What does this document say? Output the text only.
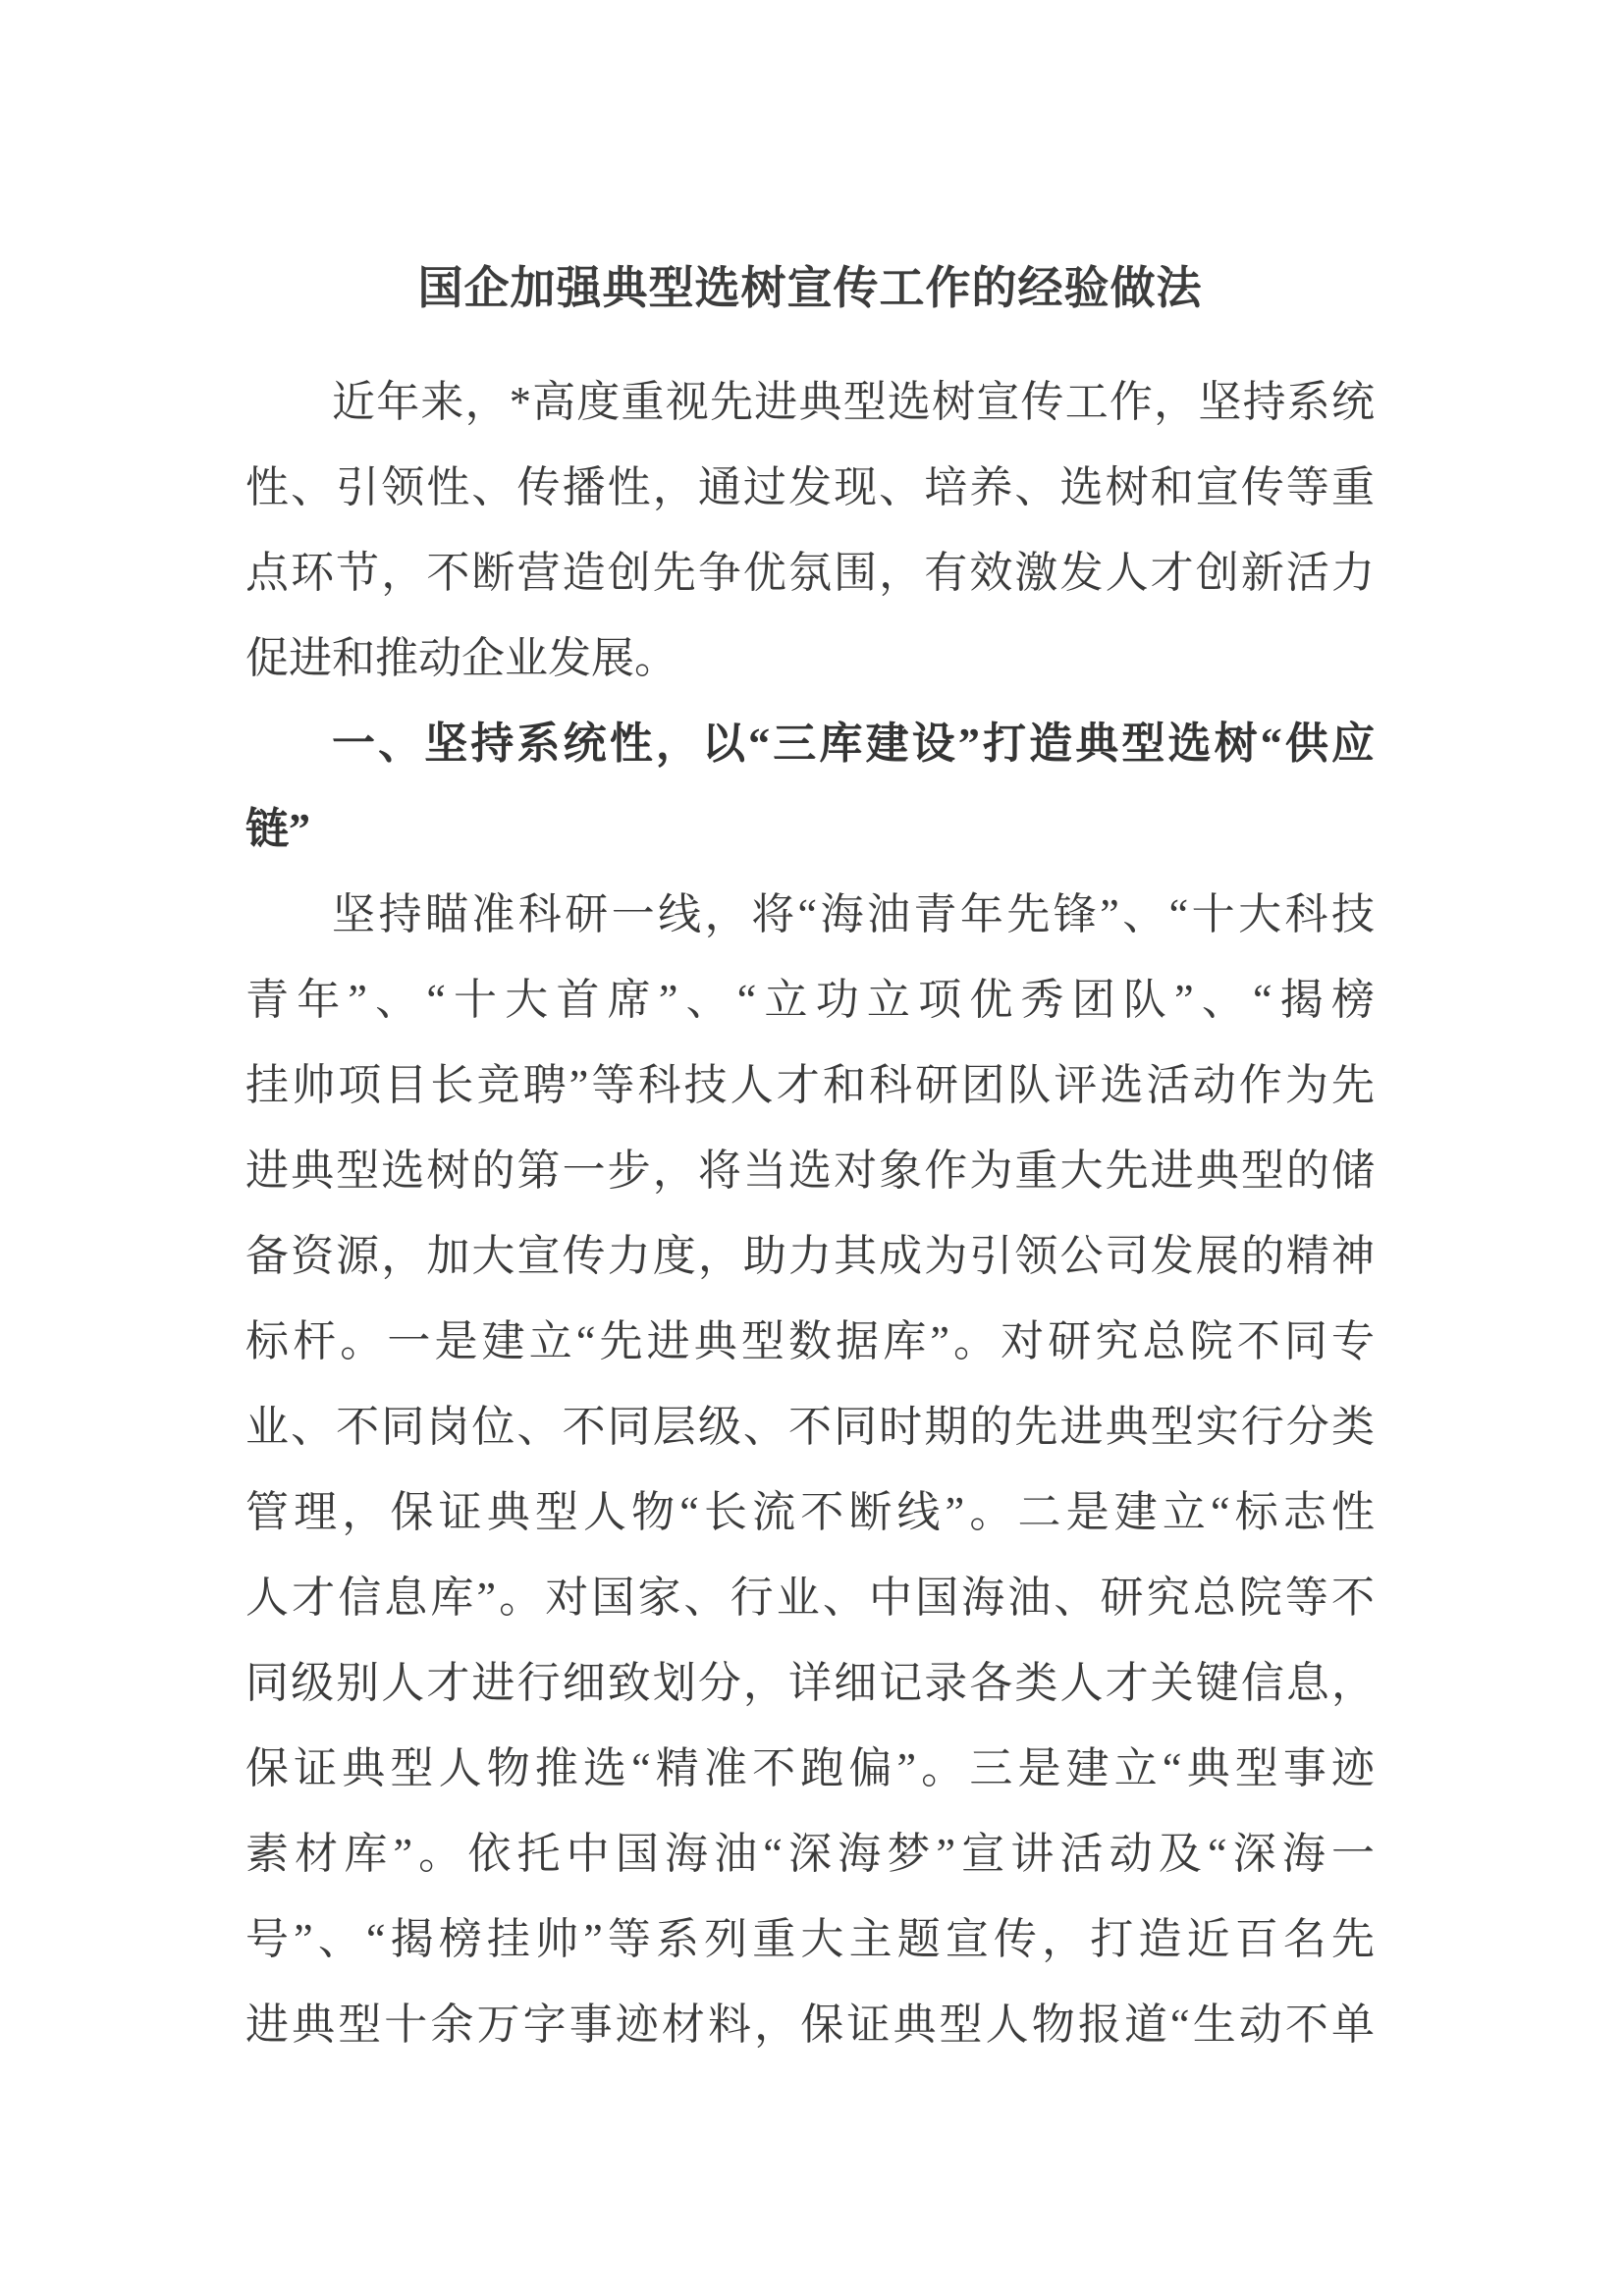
国企加强典型选树宣传工作的经验做法
近年来，*高度重视先进典型选树宣传工作，坚持系统
性、引领性、传播性，通过发现、培养、选树和宣传等重
点环节，不断营造创先争优氛围，有效激发人才创新活力
促进和推动企业发展。
一、坚持系统性，以“三库建设”打造典型选树“供应
链”
坚持瞄准科研一线，将“海油青年先锋”、“十大科技
青年”、“十大首席”、“立功立项优秀团队”、“揭榜
挂帅项目长竞聘”等科技人才和科研团队评选活动作为先
进典型选树的第一步，将当选对象作为重大先进典型的储
备资源，加大宣传力度，助力其成为引领公司发展的精神
标杆。一是建立“先进典型数据库”。对研究总院不同专
业、不同岗位、不同层级、不同时期的先进典型实行分类
管理，保证典型人物“长流不断线”。二是建立“标志性
人才信息库”。对国家、行业、中国海油、研究总院等不
同级别人才进行细致划分，详细记录各类人才关键信息，
保证典型人物推选“精准不跑偏”。三是建立“典型事迹
素材库”。依托中国海油“深海梦”宣讲活动及“深海一
号”、“揭榜挂帅”等系列重大主题宣传，打造近百名先
进典型十余万字事迹材料，保证典型人物报道“生动不单
